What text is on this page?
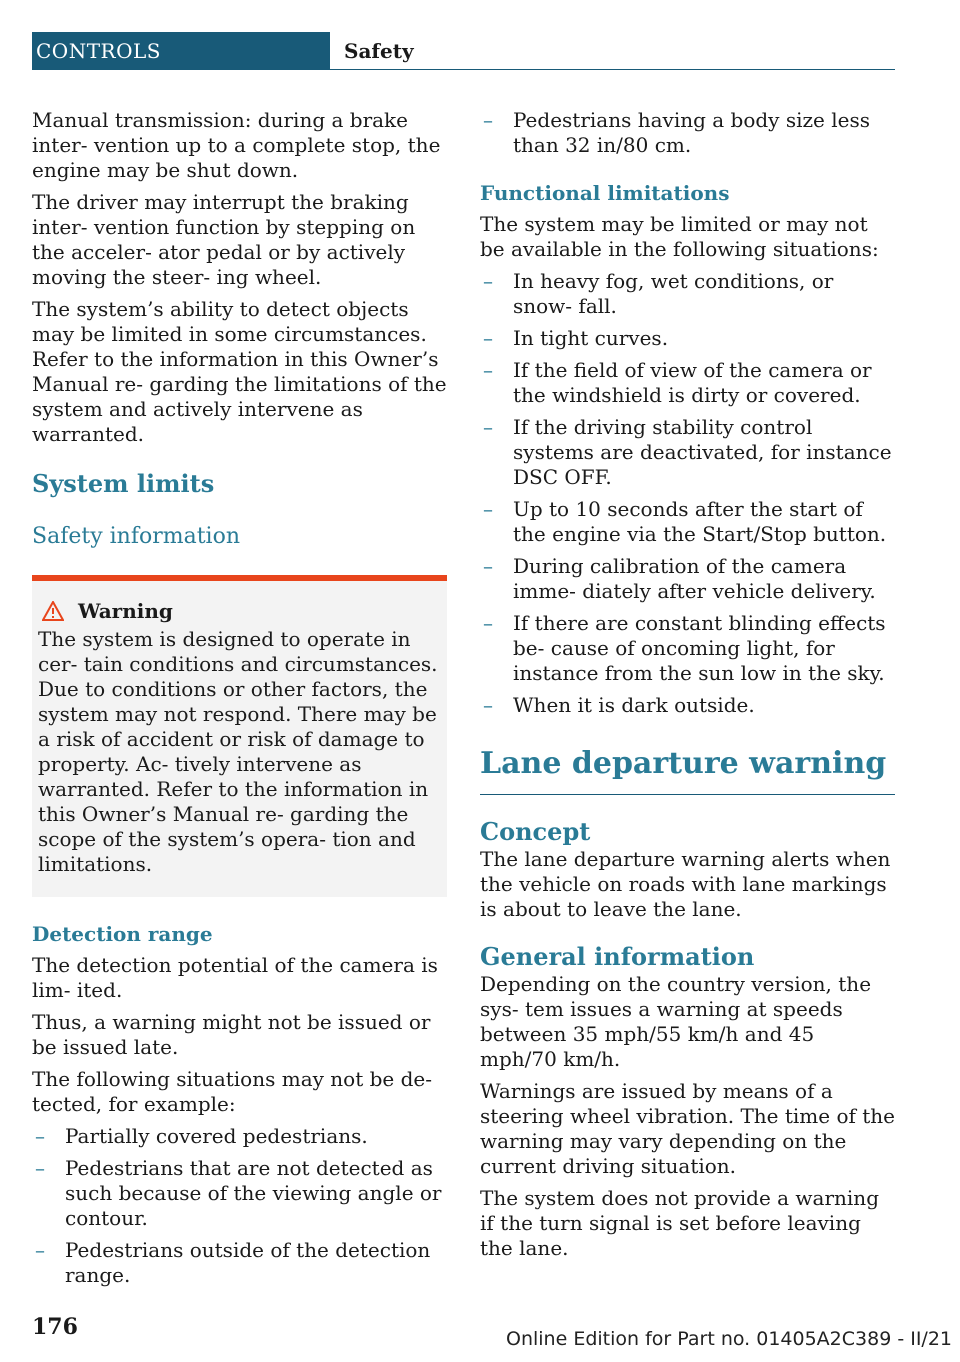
CONTROLS	Safety

Manual transmission: during a brake inter‐ vention up to a complete stop, the engine may be shut down.

The driver may interrupt the braking inter‐ vention function by stepping on the acceler‐ ator pedal or by actively moving the steer‐ ing wheel.

The system’s ability to detect objects may be limited in some circumstances. Refer to the information in this Owner’s Manual re‐ garding the limitations of the system and actively intervene as warranted.

System limits
Safety information
Warning

The system is designed to operate in cer‐ tain conditions and circumstances. Due to conditions or other factors, the system may not respond. There may be a risk of accident or risk of damage to property. Ac‐ tively intervene as warranted. Refer to the information in this Owner’s Manual re‐ garding the scope of the system’s opera‐ tion and limitations.

Detection range

The detection potential of the camera is lim‐ ited.

Thus, a warning might not be issued or be issued late.

The following situations may not be de‐ tected, for example:

– Partially covered pedestrians.
– Pedestrians that are not detected as such because of the viewing angle or contour.
– Pedestrians outside of the detection range.
– Pedestrians having a body size less than 32 in/80 cm.
Functional limitations

The system may be limited or may not be available in the following situations:

– In heavy fog, wet conditions, or snow‐ fall.
– In tight curves.
– If the field of view of the camera or the windshield is dirty or covered.
– If the driving stability control systems are deactivated, for instance DSC OFF.
– Up to 10 seconds after the start of the engine via the Start/Stop button.
– During calibration of the camera imme‐ diately after vehicle delivery.
– If there are constant blinding effects be‐ cause of oncoming light, for instance from the sun low in the sky.
– When it is dark outside.
Lane departure warning
Concept

The lane departure warning alerts when the vehicle on roads with lane markings is about to leave the lane.

General information

Depending on the country version, the sys‐ tem issues a warning at speeds between 35 mph/55 km/h and 45 mph/70 km/h.

Warnings are issued by means of a steering wheel vibration. The time of the warning may vary depending on the current driving situation.

The system does not provide a warning if the turn signal is set before leaving the lane.

176	Online Edition for Part no. 01405A2C389 - II/21
